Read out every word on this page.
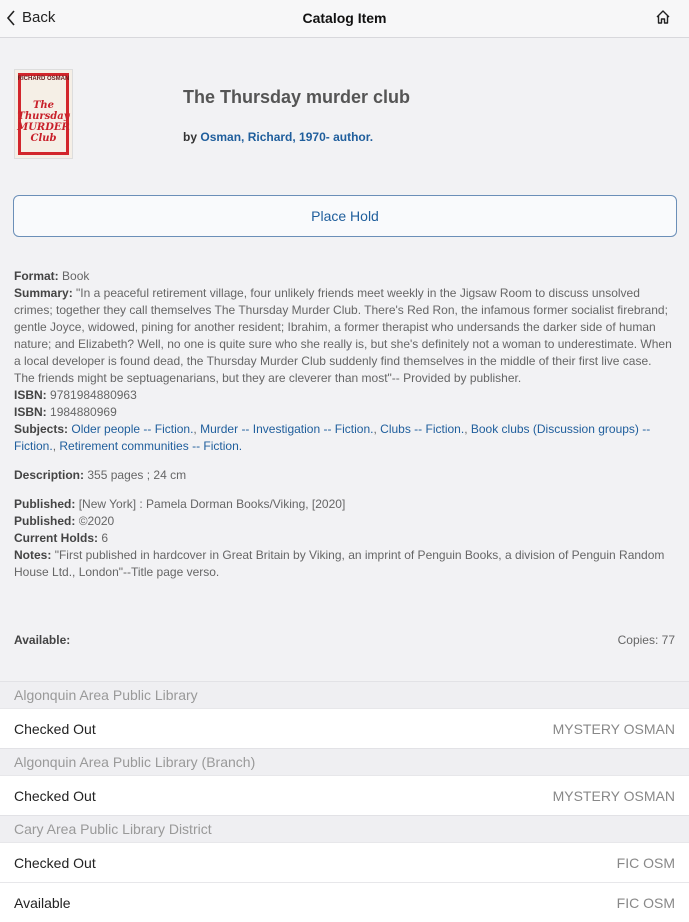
Back	Catalog Item
RICHARD OSMAN
The
Thursday
MURDER
Club
The Thursday murder club
by Osman, Richard, 1970- author.
Place Hold
Format: Book
Summary: "In a peaceful retirement village, four unlikely friends meet weekly in the Jigsaw Room to discuss unsolved crimes; together they call themselves The Thursday Murder Club. There's Red Ron, the infamous former socialist firebrand; gentle Joyce, widowed, pining for another resident; Ibrahim, a former therapist who undersands the darker side of human nature; and Elizabeth? Well, no one is quite sure who she really is, but she's definitely not a woman to underestimate. When a local developer is found dead, the Thursday Murder Club suddenly find themselves in the middle of their first live case. The friends might be septuagenarians, but they are cleverer than most"-- Provided by publisher.
ISBN: 9781984880963
ISBN: 1984880969
Subjects: Older people -- Fiction., Murder -- Investigation -- Fiction., Clubs -- Fiction., Book clubs (Discussion groups) -- Fiction., Retirement communities -- Fiction.
Description: 355 pages ; 24 cm
Published: [New York] : Pamela Dorman Books/Viking, [2020]
Published: ©2020
Current Holds: 6
Notes: "First published in hardcover in Great Britain by Viking, an imprint of Penguin Books, a division of Penguin Random House Ltd., London"--Title page verso.
Available:	Copies: 77
Algonquin Area Public Library
Checked Out	MYSTERY OSMAN
Algonquin Area Public Library (Branch)
Checked Out	MYSTERY OSMAN
Cary Area Public Library District
Checked Out	FIC OSM
Available	FIC OSM
